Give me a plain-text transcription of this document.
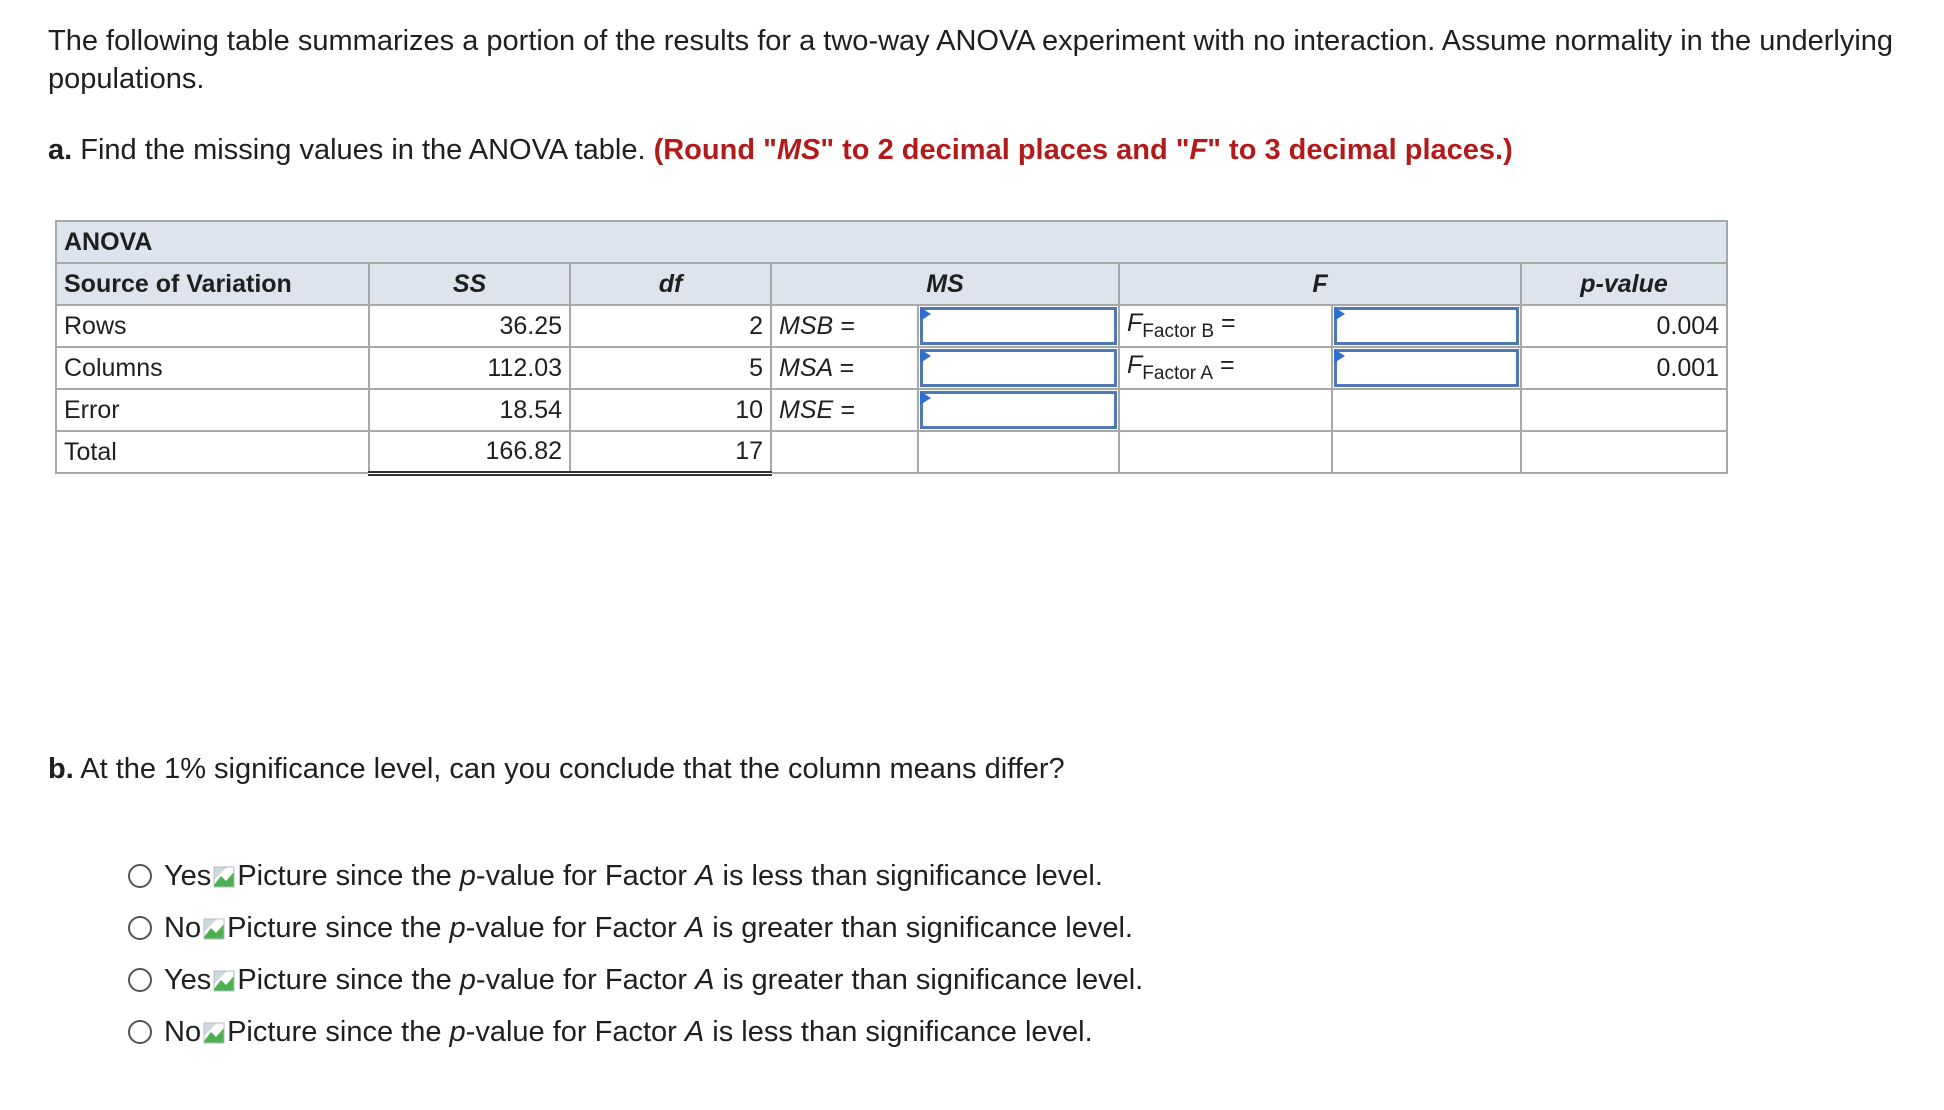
The following table summarizes a portion of the results for a two-way ANOVA experiment with no interaction. Assume normality in the underlying populations.

a. Find the missing values in the ANOVA table. (Round "MS" to 2 decimal places and "F" to 3 decimal places.)

ANOVA							
Source of Variation	SS	df	MS		F		p-value
Rows	36.25	2	MSB =		$F_{Factor B}$ =		0.004
Columns	112.03	5	MSA =		$F_{Factor A}$ =		0.001
Error	18.54	10	MSE =	

Total	166.82	17					

b. At the 1% significance level, can you conclude that the column means differ?

Yes Picture since the p-value for Factor A is less than significance level.
No Picture since the p-value for Factor A is greater than significance level.
Yes Picture since the p-value for Factor A is greater than significance level.
No Picture since the p-value for Factor A is less than significance level.
